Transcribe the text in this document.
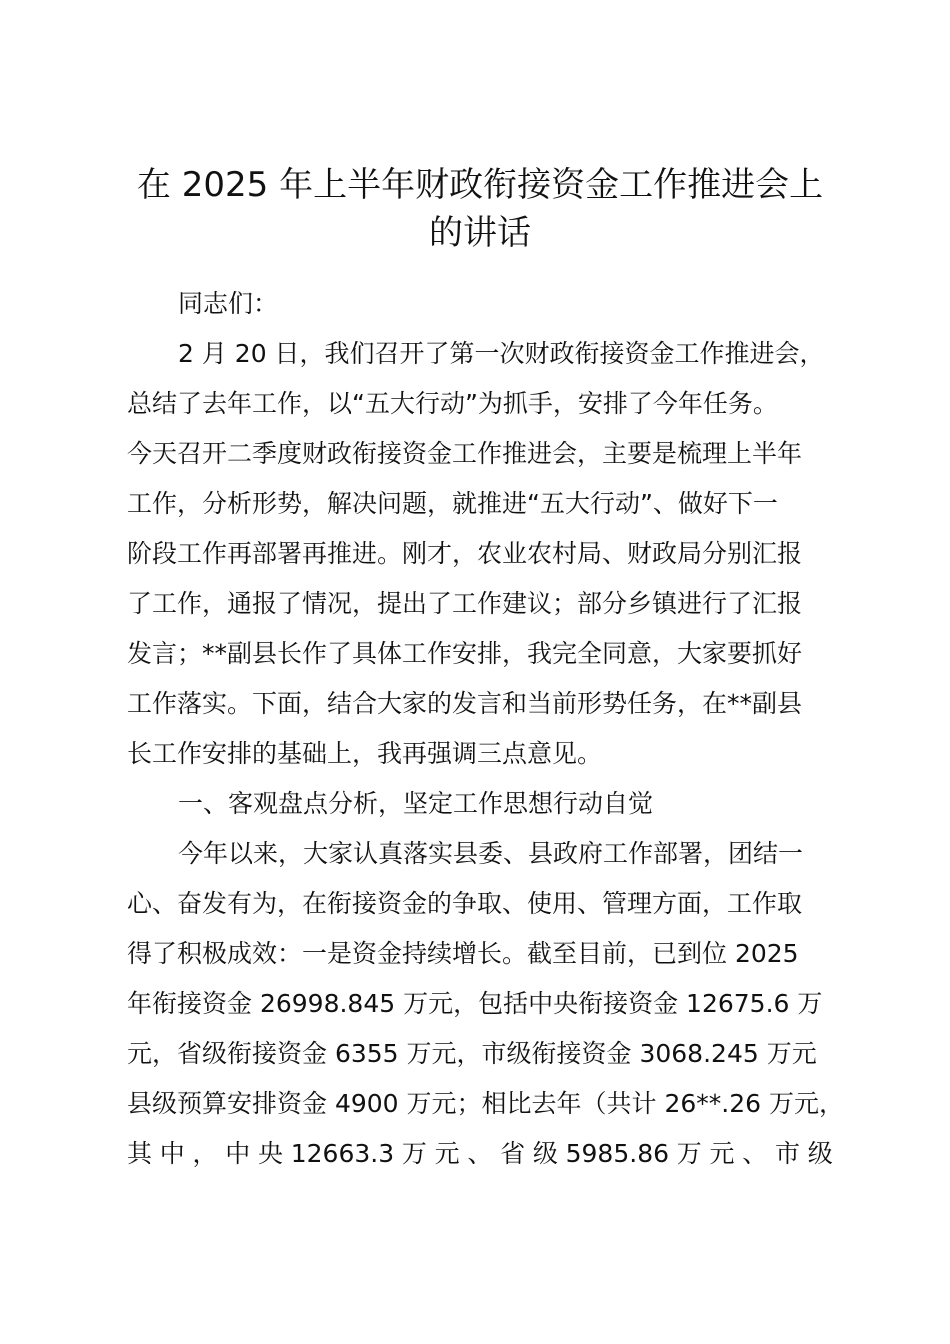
在 2025 年上半年财政衔接资金工作推进会上
的讲话

同志们：

2 月 20 日，我们召开了第一次财政衔接资金工作推进会，

总结了去年工作，以“五大行动”为抓手，安排了今年任务。

今天召开二季度财政衔接资金工作推进会，主要是梳理上半年

工作，分析形势，解决问题，就推进“五大行动”、做好下一

阶段工作再部署再推进。刚才，农业农村局、财政局分别汇报

了工作，通报了情况，提出了工作建议；部分乡镇进行了汇报

发言；**副县长作了具体工作安排，我完全同意，大家要抓好

工作落实。下面，结合大家的发言和当前形势任务，在**副县

长工作安排的基础上，我再强调三点意见。

一、客观盘点分析，坚定工作思想行动自觉

今年以来，大家认真落实县委、县政府工作部署，团结一

心、奋发有为，在衔接资金的争取、使用、管理方面，工作取

得了积极成效：一是资金持续增长。截至目前，已到位 2025

年衔接资金 26998.845 万元，包括中央衔接资金 12675.6 万

元，省级衔接资金 6355 万元，市级衔接资金 3068.245 万元

县级预算安排资金 4900 万元；相比去年（共计 26**.26 万元，

其 中 ， 中 央 12663.3 万 元 、 省 级 5985.86 万 元 、 市 级
